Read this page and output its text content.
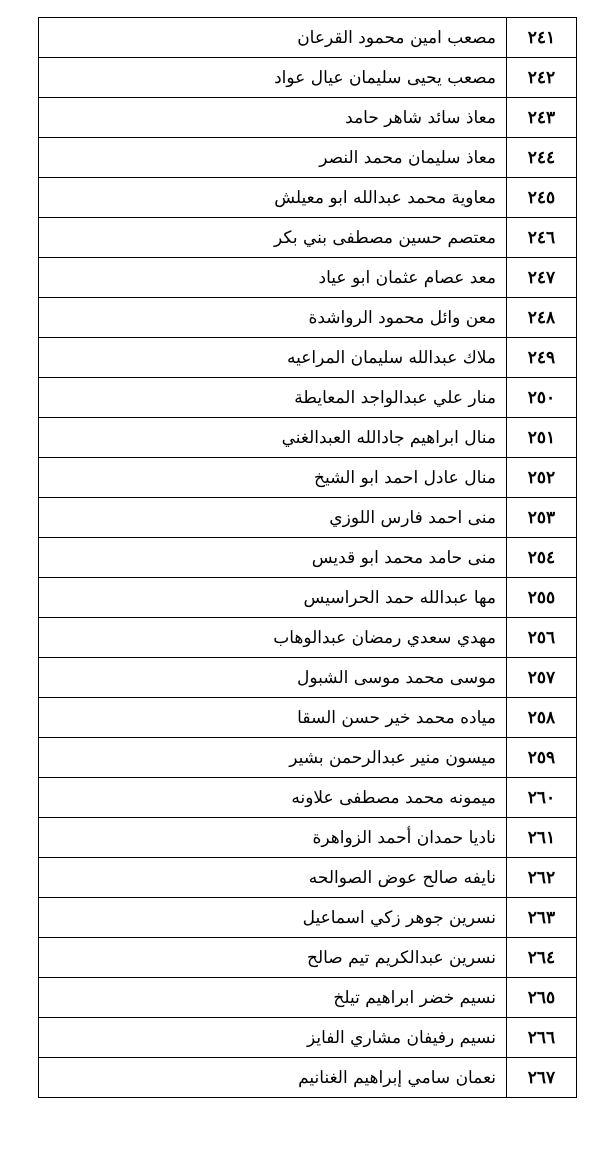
٢٤١	مصعب امين محمود القرعان
٢٤٢	مصعب يحيى سليمان عيال عواد
٢٤٣	معاذ سائد شاهر حامد
٢٤٤	معاذ سليمان محمد النصر
٢٤٥	معاوية محمد عبدالله ابو معيلش
٢٤٦	معتصم حسين مصطفى بني بكر
٢٤٧	معد عصام عثمان ابو عياد
٢٤٨	معن وائل محمود الرواشدة
٢٤٩	ملاك عبدالله سليمان المراعيه
٢٥٠	منار علي عبدالواجد المعايطة
٢٥١	منال ابراهيم جادالله العبدالغني
٢٥٢	منال عادل احمد ابو الشيخ
٢٥٣	منى احمد فارس اللوزي
٢٥٤	منى حامد محمد ابو قديس
٢٥٥	مها عبدالله حمد الحراسيس
٢٥٦	مهدي سعدي رمضان عبدالوهاب
٢٥٧	موسى محمد موسى الشبول
٢٥٨	مياده محمد خير حسن السقا
٢٥٩	ميسون منير عبدالرحمن بشير
٢٦٠	ميمونه محمد مصطفى علاونه
٢٦١	ناديا حمدان أحمد الزواهرة
٢٦٢	نايفه صالح عوض الصوالحه
٢٦٣	نسرين جوهر زكي اسماعيل
٢٦٤	نسرين عبدالكريم تيم صالح
٢٦٥	نسيم خضر ابراهيم تيلخ
٢٦٦	نسيم رفيفان مشاري الفايز
٢٦٧	نعمان سامي إبراهيم الغنانيم
